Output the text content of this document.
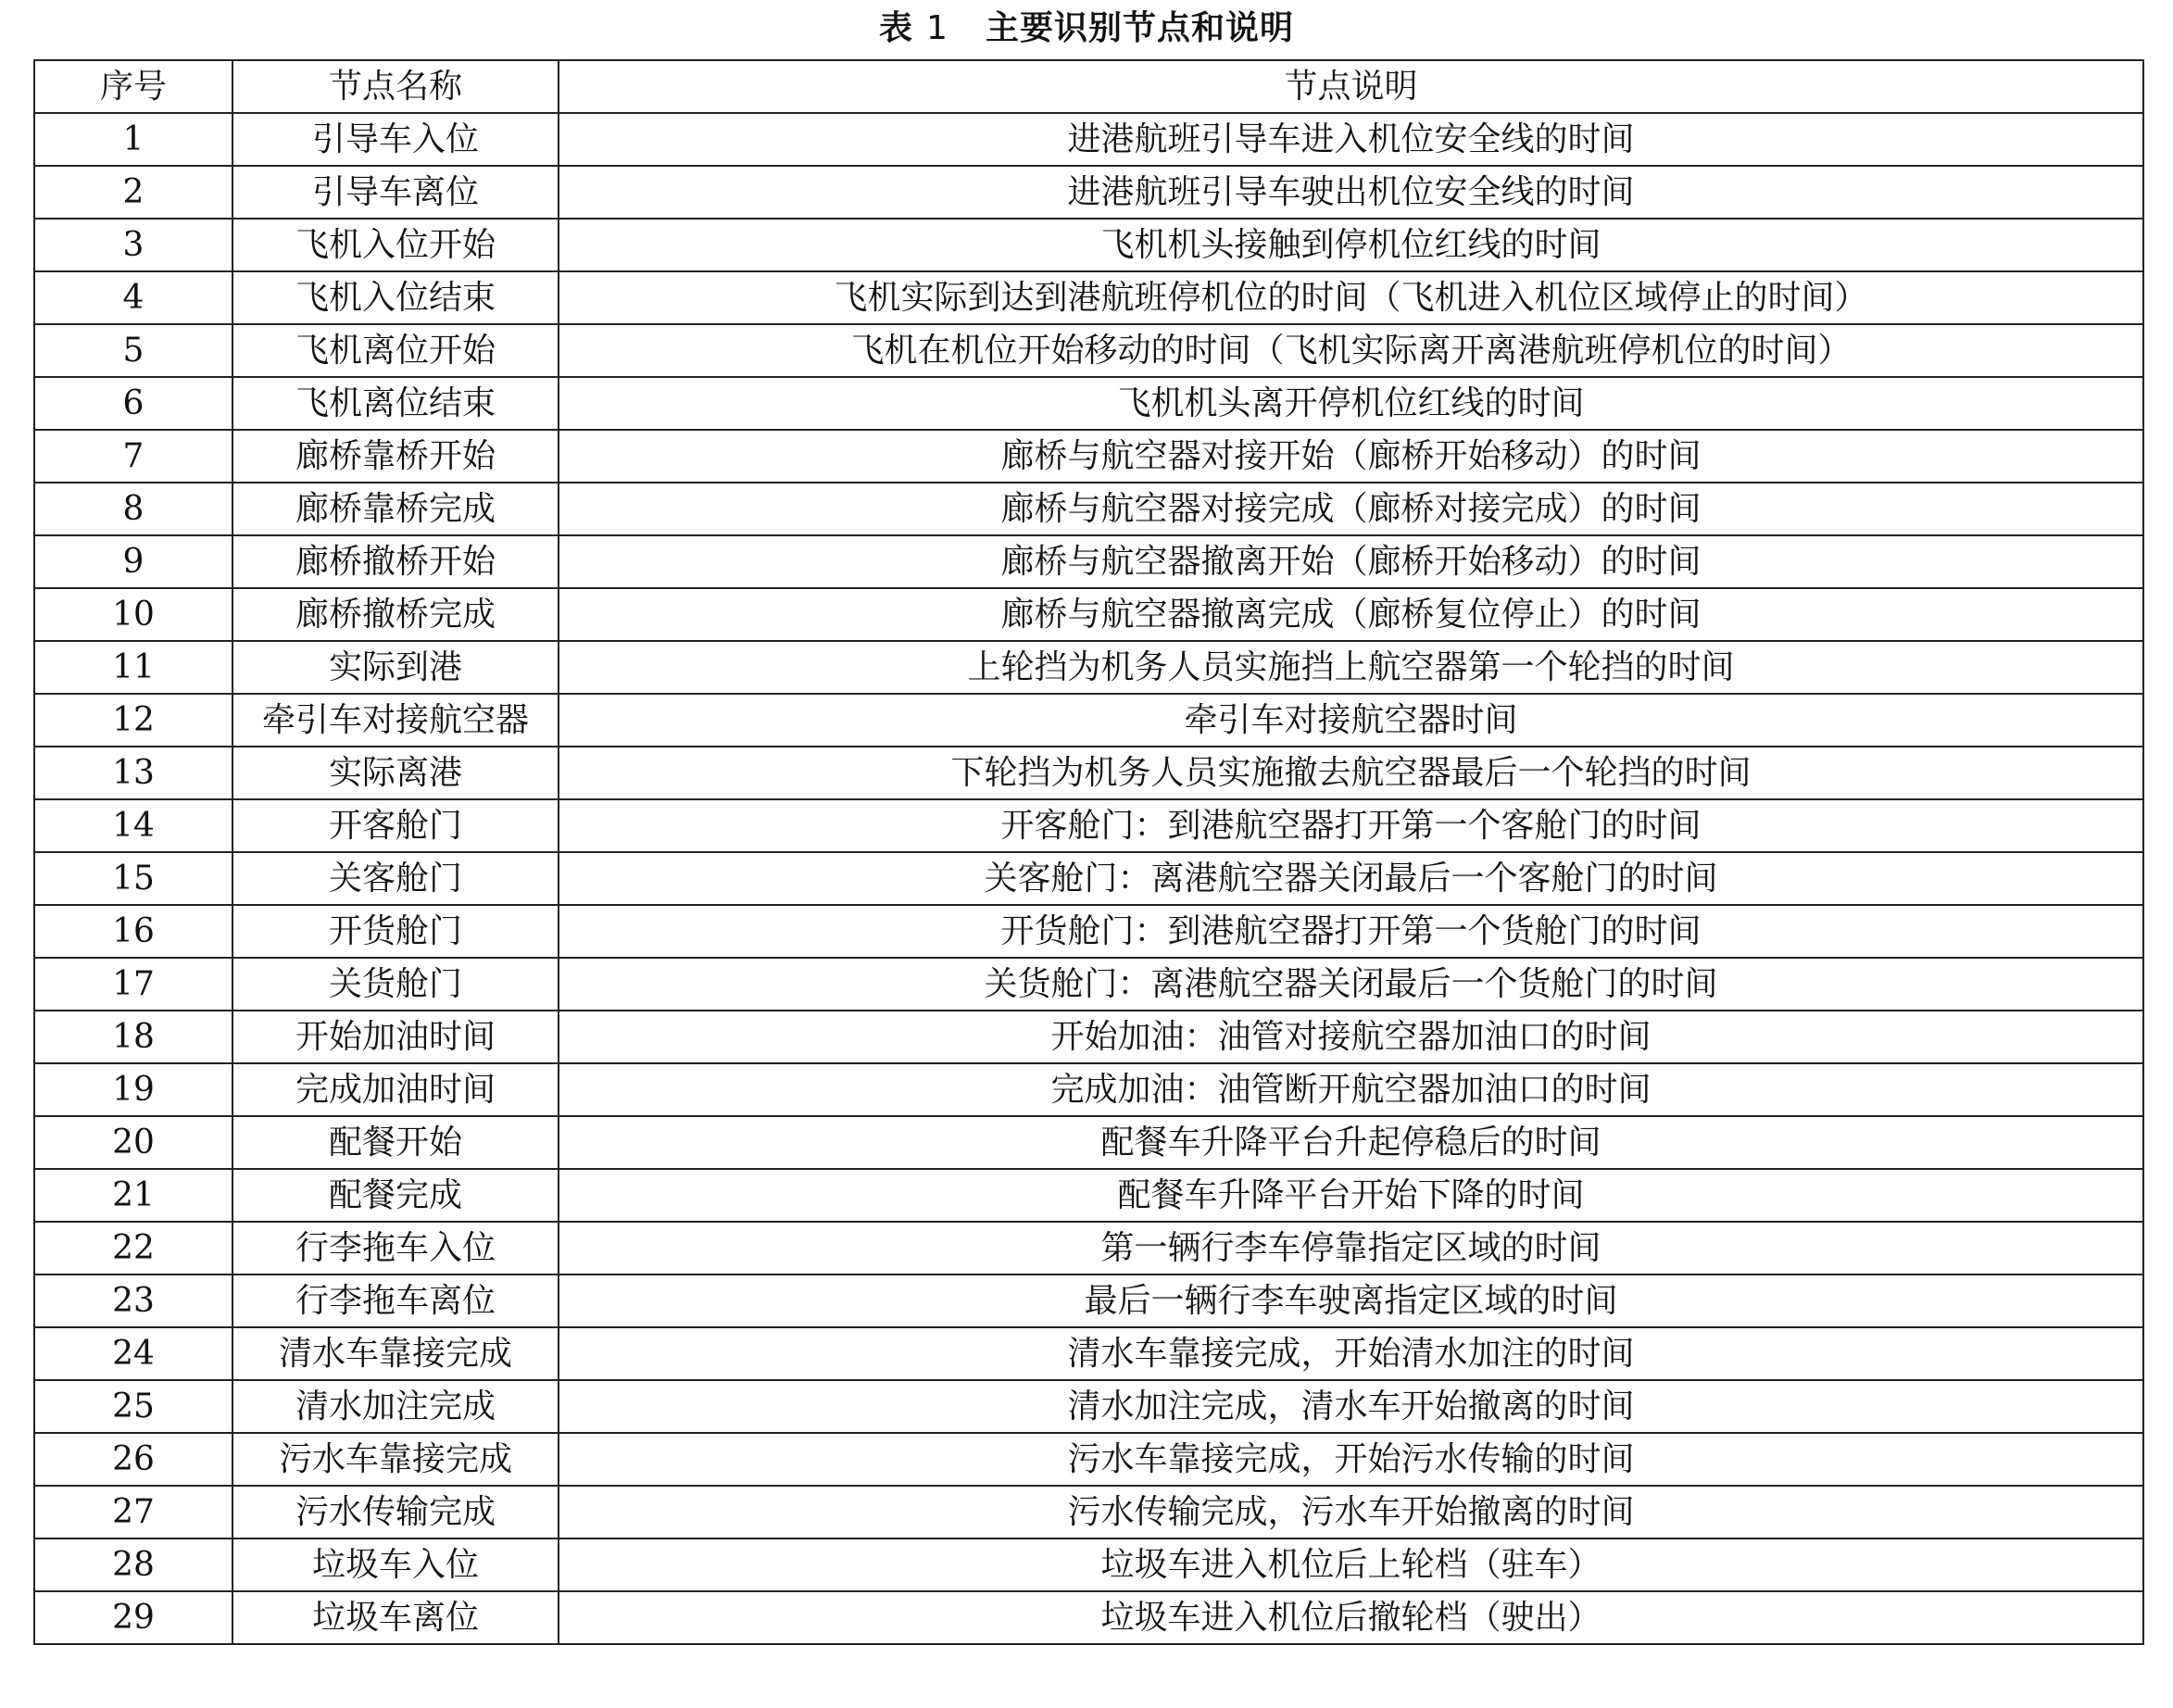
表 1 主要识别节点和说明
序号	节点名称	节点说明
1	引导车入位	进港航班引导车进入机位安全线的时间
2	引导车离位	进港航班引导车驶出机位安全线的时间
3	飞机入位开始	飞机机头接触到停机位红线的时间
4	飞机入位结束	飞机实际到达到港航班停机位的时间（飞机进入机位区域停止的时间）
5	飞机离位开始	飞机在机位开始移动的时间（飞机实际离开离港航班停机位的时间）
6	飞机离位结束	飞机机头离开停机位红线的时间
7	廊桥靠桥开始	廊桥与航空器对接开始（廊桥开始移动）的时间
8	廊桥靠桥完成	廊桥与航空器对接完成（廊桥对接完成）的时间
9	廊桥撤桥开始	廊桥与航空器撤离开始（廊桥开始移动）的时间
10	廊桥撤桥完成	廊桥与航空器撤离完成（廊桥复位停止）的时间
11	实际到港	上轮挡为机务人员实施挡上航空器第一个轮挡的时间
12	牵引车对接航空器	牵引车对接航空器时间
13	实际离港	下轮挡为机务人员实施撤去航空器最后一个轮挡的时间
14	开客舱门	开客舱门：到港航空器打开第一个客舱门的时间
15	关客舱门	关客舱门：离港航空器关闭最后一个客舱门的时间
16	开货舱门	开货舱门：到港航空器打开第一个货舱门的时间
17	关货舱门	关货舱门：离港航空器关闭最后一个货舱门的时间
18	开始加油时间	开始加油：油管对接航空器加油口的时间
19	完成加油时间	完成加油：油管断开航空器加油口的时间
20	配餐开始	配餐车升降平台升起停稳后的时间
21	配餐完成	配餐车升降平台开始下降的时间
22	行李拖车入位	第一辆行李车停靠指定区域的时间
23	行李拖车离位	最后一辆行李车驶离指定区域的时间
24	清水车靠接完成	清水车靠接完成，开始清水加注的时间
25	清水加注完成	清水加注完成，清水车开始撤离的时间
26	污水车靠接完成	污水车靠接完成，开始污水传输的时间
27	污水传输完成	污水传输完成，污水车开始撤离的时间
28	垃圾车入位	垃圾车进入机位后上轮档（驻车）
29	垃圾车离位	垃圾车进入机位后撤轮档（驶出）
